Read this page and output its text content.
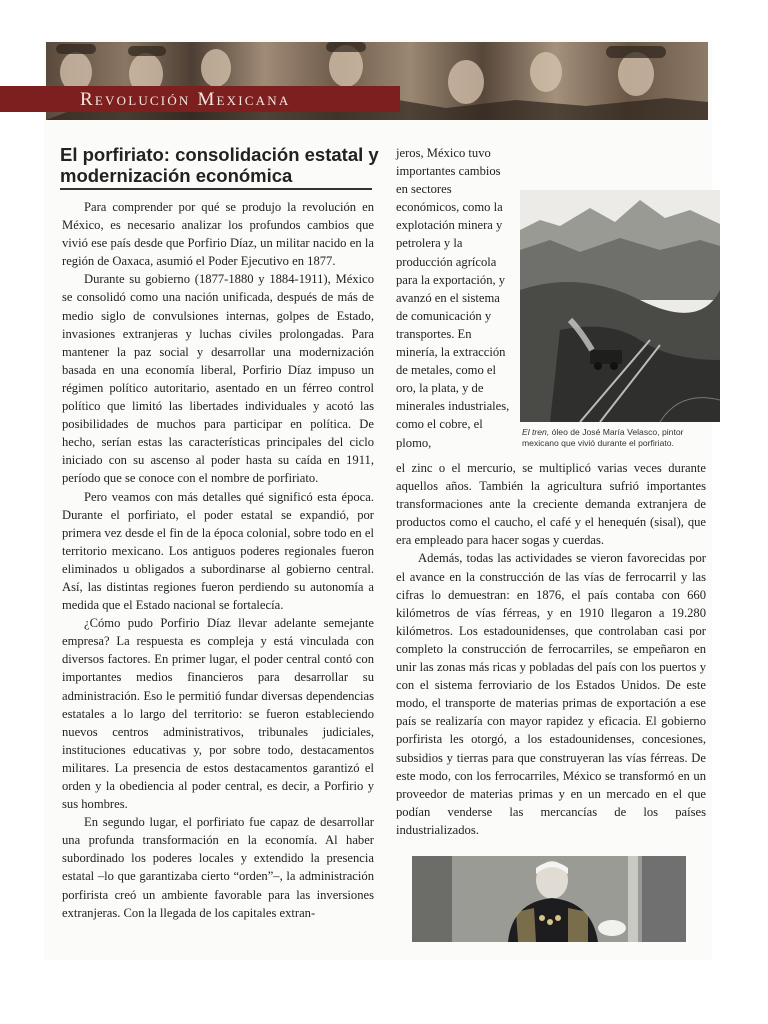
Revolución Mexicana
El porfiriato: consolidación estatal y modernización económica

Para comprender por qué se produjo la revolución en México, es necesario analizar los profundos cambios que vivió ese país desde que Porfirio Díaz, un militar nacido en la región de Oaxaca, asumió el Poder Ejecutivo en 1877.

Durante su gobierno (1877-1880 y 1884-1911), México se consolidó como una nación unificada, después de más de medio siglo de convulsiones internas, golpes de Estado, invasiones extranjeras y luchas civiles prolongadas. Para mantener la paz social y desarrollar una modernización basada en una economía liberal, Porfirio Díaz impuso un régimen político autoritario, asentado en un férreo control político que limitó las libertades individuales y acotó las posibilidades de muchos para participar en política. De hecho, serían estas las características principales del ciclo iniciado con su ascenso al poder hasta su caída en 1911, período que se conoce con el nombre de porfiriato.

Pero veamos con más detalles qué significó esta época. Durante el porfiriato, el poder estatal se expandió, por primera vez desde el fin de la época colonial, sobre todo en el territorio mexicano. Los antiguos poderes regionales fueron eliminados u obligados a subordinarse al gobierno central. Así, las distintas regiones fueron perdiendo su autonomía a medida que el Estado nacional se fortalecía.

¿Cómo pudo Porfirio Díaz llevar adelante semejante empresa? La respuesta es compleja y está vinculada con diversos factores. En primer lugar, el poder central contó con importantes medios financieros para desarrollar su administración. Eso le permitió fundar diversas dependencias estatales a lo largo del territorio: se fueron estableciendo nuevos centros administrativos, tribunales judiciales, instituciones educativas y, por sobre todo, destacamentos militares. La presencia de estos destacamentos garantizó el orden y la obediencia al poder central, es decir, a Porfirio y sus hombres.

En segundo lugar, el porfiriato fue capaz de desarrollar una profunda transformación en la economía. Al haber subordinado los poderes locales y extendido la presencia estatal –lo que garantizaba cierto “orden”–, la administración porfirista creó un ambiente favorable para las inversiones extranjeras. Con la llegada de los capitales extran-

jeros, México tuvo importantes cambios en sectores económicos, como la explotación minera y petrolera y la producción agrícola para la exportación, y avanzó en el sistema de comunicación y transportes. En minería, la extracción de metales, como el oro, la plata, y de minerales industriales, como el cobre, el plomo,

El tren, óleo de José María Velasco, pintor mexicano que vivió durante el porfiriato.

el zinc o el mercurio, se multiplicó varias veces durante aquellos años. También la agricultura sufrió importantes transformaciones ante la creciente demanda extranjera de productos como el caucho, el café y el henequén (sisal), que era empleado para hacer sogas y cuerdas.

Además, todas las actividades se vieron favorecidas por el avance en la construcción de las vías de ferrocarril y las cifras lo demuestran: en 1876, el país contaba con 660 kilómetros de vías férreas, y en 1910 llegaron a 19.280 kilómetros. Los estadounidenses, que controlaban casi por completo la construcción de ferrocarriles, se empeñaron en unir las zonas más ricas y pobladas del país con los puertos y con el sistema ferroviario de los Estados Unidos. De este modo, el transporte de materias primas de exportación a ese país se realizaría con mayor rapidez y eficacia. El gobierno porfirista les otorgó, a los estadounidenses, concesiones, subsidios y tierras para que construyeran las vías férreas. De este modo, con los ferrocarriles, México se transformó en un proveedor de materias primas y en un mercado en el que podían venderse las mercancías de los países industrializados.
